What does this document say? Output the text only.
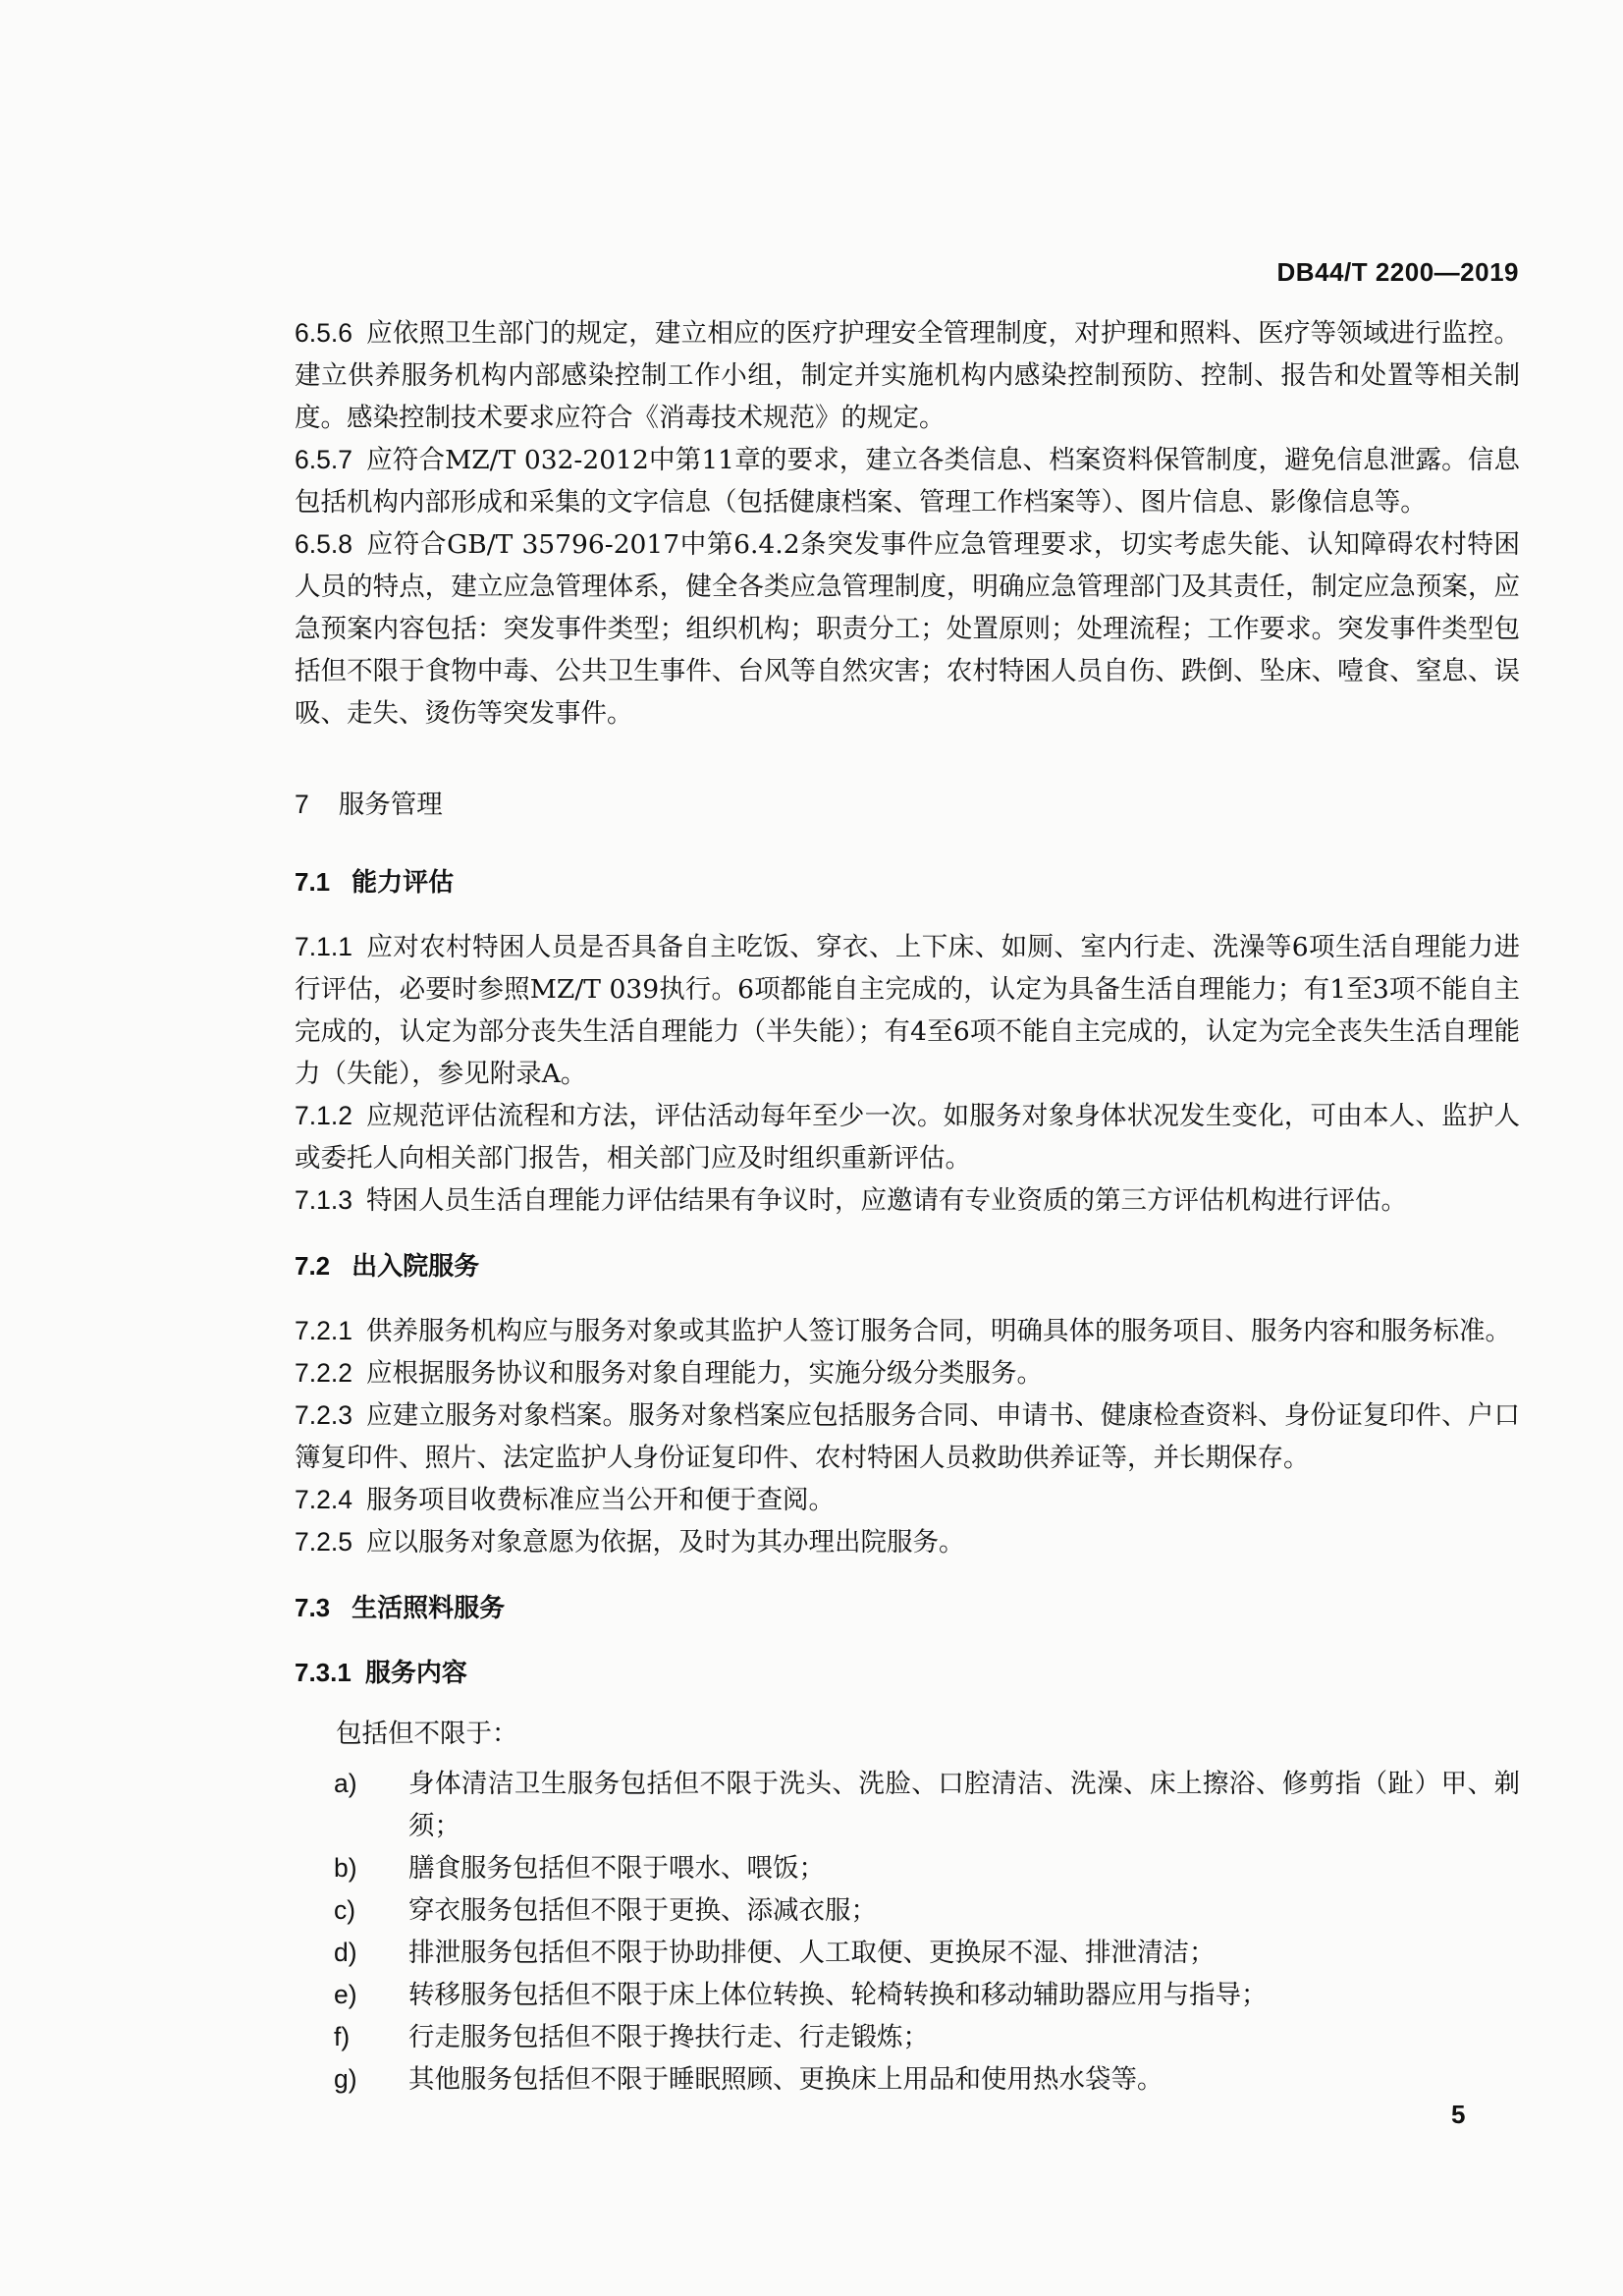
DB44/T 2200—2019

6.5.6 应依照卫生部门的规定，建立相应的医疗护理安全管理制度，对护理和照料、医疗等领域进行监控。建立供养服务机构内部感染控制工作小组，制定并实施机构内感染控制预防、控制、报告和处置等相关制度。感染控制技术要求应符合《消毒技术规范》的规定。

6.5.7 应符合MZ/T 032-2012中第11章的要求，建立各类信息、档案资料保管制度，避免信息泄露。信息包括机构内部形成和采集的文字信息（包括健康档案、管理工作档案等）、图片信息、影像信息等。

6.5.8 应符合GB/T 35796-2017中第6.4.2条突发事件应急管理要求，切实考虑失能、认知障碍农村特困人员的特点，建立应急管理体系，健全各类应急管理制度，明确应急管理部门及其责任，制定应急预案，应急预案内容包括：突发事件类型；组织机构；职责分工；处置原则；处理流程；工作要求。突发事件类型包括但不限于食物中毒、公共卫生事件、台风等自然灾害；农村特困人员自伤、跌倒、坠床、噎食、窒息、误吸、走失、烫伤等突发事件。

7 服务管理
7.1 能力评估

7.1.1 应对农村特困人员是否具备自主吃饭、穿衣、上下床、如厕、室内行走、洗澡等6项生活自理能力进行评估，必要时参照MZ/T 039执行。6项都能自主完成的，认定为具备生活自理能力；有1至3项不能自主完成的，认定为部分丧失生活自理能力（半失能）；有4至6项不能自主完成的，认定为完全丧失生活自理能力（失能），参见附录A。

7.1.2 应规范评估流程和方法，评估活动每年至少一次。如服务对象身体状况发生变化，可由本人、监护人或委托人向相关部门报告，相关部门应及时组织重新评估。

7.1.3 特困人员生活自理能力评估结果有争议时，应邀请有专业资质的第三方评估机构进行评估。

7.2 出入院服务

7.2.1 供养服务机构应与服务对象或其监护人签订服务合同，明确具体的服务项目、服务内容和服务标准。

7.2.2 应根据服务协议和服务对象自理能力，实施分级分类服务。

7.2.3 应建立服务对象档案。服务对象档案应包括服务合同、申请书、健康检查资料、身份证复印件、户口簿复印件、照片、法定监护人身份证复印件、农村特困人员救助供养证等，并长期保存。

7.2.4 服务项目收费标准应当公开和便于查阅。

7.2.5 应以服务对象意愿为依据，及时为其办理出院服务。

7.3 生活照料服务
7.3.1 服务内容

包括但不限于：

a) 身体清洁卫生服务包括但不限于洗头、洗脸、口腔清洁、洗澡、床上擦浴、修剪指（趾）甲、剃须；
b) 膳食服务包括但不限于喂水、喂饭；
c) 穿衣服务包括但不限于更换、添减衣服；
d) 排泄服务包括但不限于协助排便、人工取便、更换尿不湿、排泄清洁；
e) 转移服务包括但不限于床上体位转换、轮椅转换和移动辅助器应用与指导；
f) 行走服务包括但不限于搀扶行走、行走锻炼；
g) 其他服务包括但不限于睡眠照顾、更换床上用品和使用热水袋等。
5
